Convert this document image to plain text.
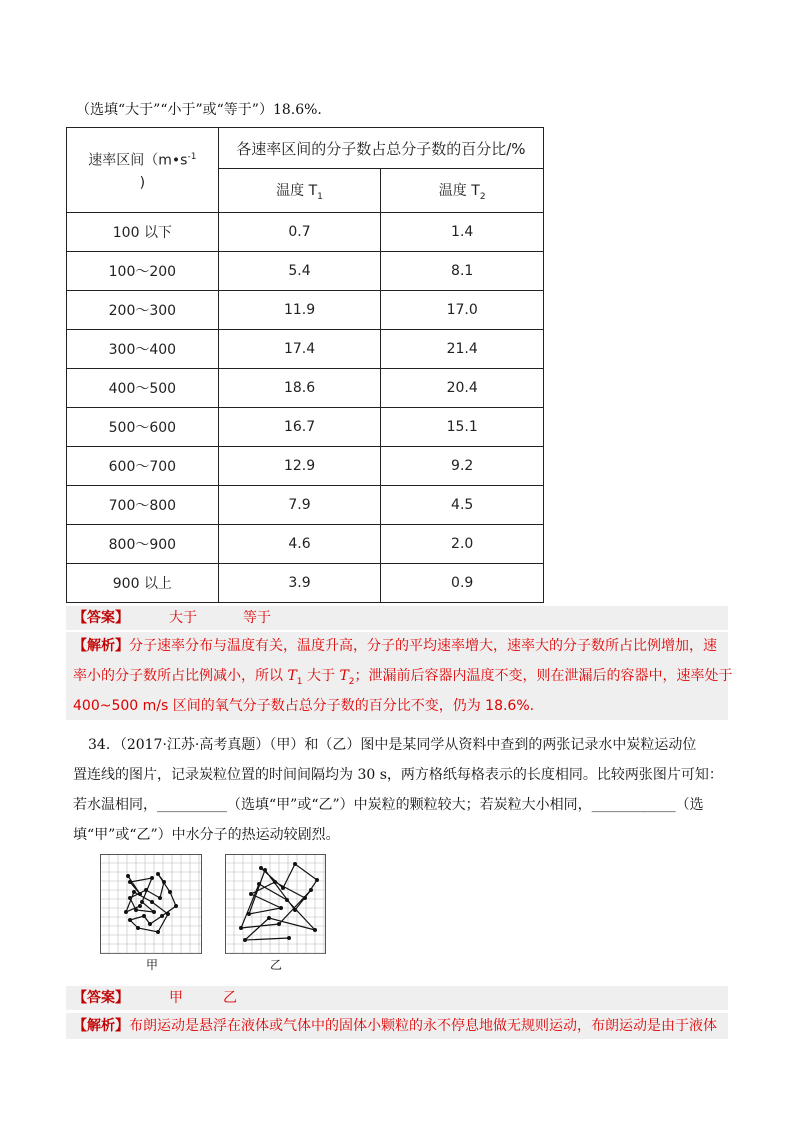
（选填“大于”“小于”或“等于”）18.6%.
速率区间（$m•s^{-1}$
)	各速率区间的分子数占总分子数的百分比/%	
	温度 $T_1$	温度 $T_2$
100 以下	0.7	1.4
100～200	5.4	8.1
200～300	11.9	17.0
300～400	17.4	21.4
400～500	18.6	20.4
500～600	16.7	15.1
600～700	12.9	9.2
700～800	7.9	4.5
800～900	4.6	2.0
900 以上	3.9	0.9
【答案】	大于	等于
【解析】分子速率分布与温度有关，温度升高，分子的平均速率增大，速率大的分子数所占比例增加，速
率小的分子数所占比例减小，所以 $T_1$ 大于 $T_2$；泄漏前后容器内温度不变，则在泄漏后的容器中，速率处于
400~500 m/s 区间的氧气分子数占总分子数的百分比不变，仍为 18.6%.
34．（2017·江苏·高考真题）（甲）和（乙）图中是某同学从资料中查到的两张记录水中炭粒运动位
置连线的图片，记录炭粒位置的时间间隔均为 30 s，两方格纸每格表示的长度相同。比较两张图片可知：
若水温相同，__________（选填“甲”或“乙”）中炭粒的颗粒较大；若炭粒大小相同，____________（选
填“甲”或“乙”）中水分子的热运动较剧烈。
甲	乙
【答案】	甲	乙
【解析】布朗运动是悬浮在液体或气体中的固体小颗粒的永不停息地做无规则运动，布朗运动是由于液体
